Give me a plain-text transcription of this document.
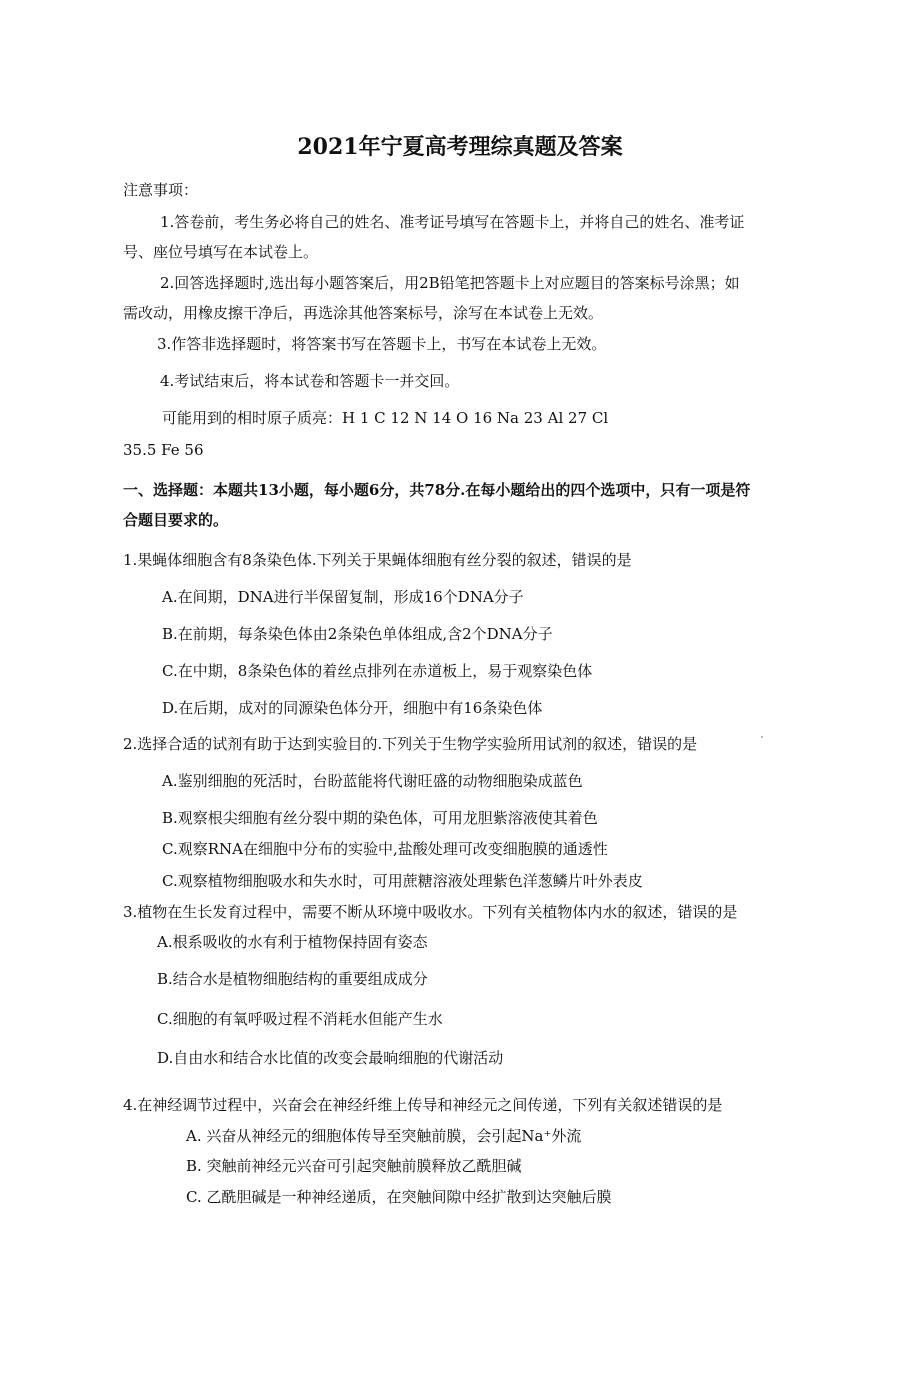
2021年宁夏高考理综真题及答案
注意事项：
1.答卷前，考生务必将自己的姓名、准考证号填写在答题卡上，并将自己的姓名、准考证
号、座位号填写在本试卷上。
2.回答选择题时,选出每小题答案后，用2B铅笔把答题卡上对应题目的答案标号涂黑；如
需改动，用橡皮擦干净后，再选涂其他答案标号，涂写在本试卷上无效。
3.作答非选择题时，将答案书写在答题卡上，书写在本试卷上无效。
4.考试结束后，将本试卷和答题卡一并交回。
可能用到的相时原子质亮：H 1 C 12 N 14 O 16 Na 23 Al 27 Cl
35.5 Fe 56
一、选择题：本题共13小题，每小题6分，共78分.在每小题给出的四个选项中，只有一项是符
合题目要求的。
1.果蝇体细胞含有8条染色体.下列关于果蝇体细胞有丝分裂的叙述，错误的是
A.在间期，DNA进行半保留复制，形成16个DNA分子
B.在前期，每条染色体由2条染色单体组成,含2个DNA分子
C.在中期，8条染色体的着丝点排列在赤道板上，易于观察染色体
D.在后期，成对的同源染色体分开，细胞中有16条染色体
2.选择合适的试剂有助于达到实验目的.下列关于生物学实验所用试剂的叙述，错误的是
A.鉴别细胞的死活时，台盼蓝能将代谢旺盛的动物细胞染成蓝色
B.观察根尖细胞有丝分裂中期的染色体，可用龙胆紫溶液使其着色
C.观察RNA在细胞中分布的实验中,盐酸处理可改变细胞膜的通透性
C.观察植物细胞吸水和失水时，可用蔗糖溶液处理紫色洋葱鳞片叶外表皮
3.植物在生长发育过程中，需要不断从环境中吸收水。下列有关植物体内水的叙述，错误的是
A.根系吸收的水有利于植物保持固有姿态
B.结合水是植物细胞结构的重要组成成分
C.细胞的有氧呼吸过程不消耗水但能产生水
D.自由水和结合水比值的改变会最晌细胞的代谢活动
4.在神经调节过程中，兴奋会在神经纤维上传导和神经元之间传递，下列有关叙述错误的是
A. 兴奋从神经元的细胞体传导至突触前膜，会引起Na⁺外流
B. 突触前神经元兴奋可引起突触前膜释放乙酰胆碱
C. 乙酰胆碱是一种神经递质，在突触间隙中经扩散到达突触后膜
